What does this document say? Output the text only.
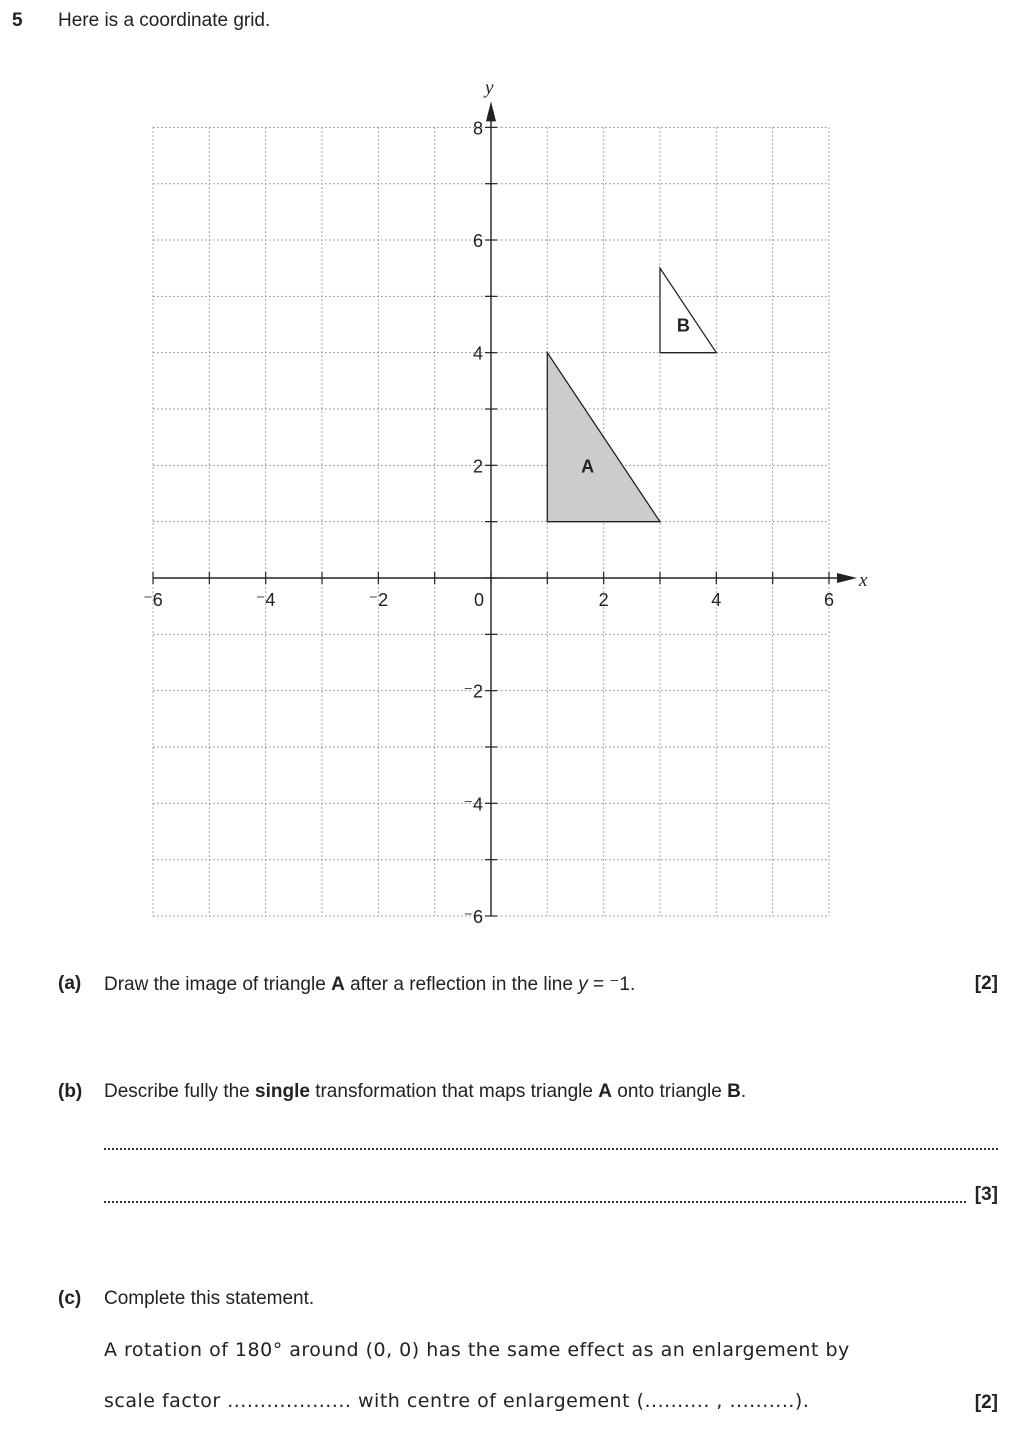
5 Here is a coordinate grid.
A
B
x
y
⁻6	⁻4	⁻2	0	2	4	6
8
6
4
2
⁻2
⁻4
⁻6
(a) Draw the image of triangle A after a reflection in the line y = ⁻1.	[2]
(b) Describe fully the single transformation that maps triangle A onto triangle B.
[3]
(c) Complete this statement.
A rotation of 180° around (0, 0) has the same effect as an enlargement by
scale factor ................... with centre of enlargement (.......... , ..........).	[2]
